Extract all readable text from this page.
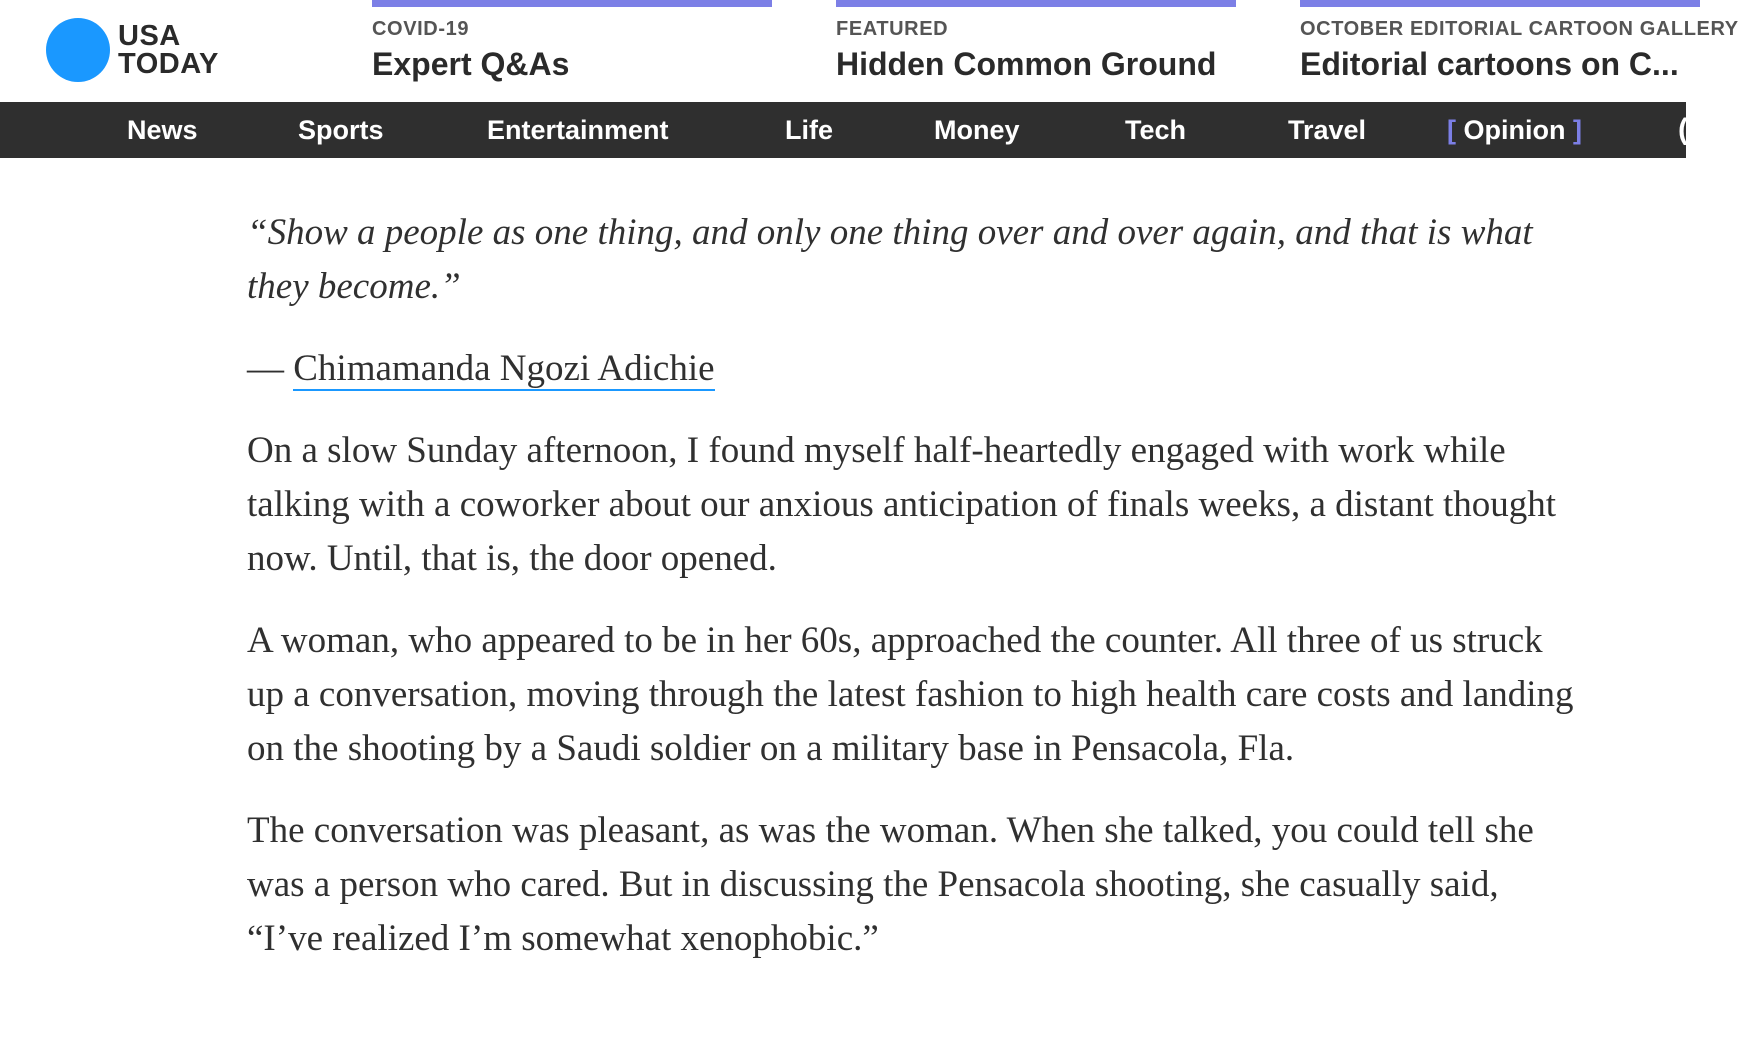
USA
TODAY
COVID-19
Expert Q&As
FEATURED
Hidden Common Ground
OCTOBER EDITORIAL CARTOON GALLERY
Editorial cartoons on C...
News	Sports	Entertainment	Life	Money	Tech	Travel	[ Opinion ]	(

“Show a people as one thing, and only one thing over and over again, and that is what they become.”

— Chimamanda Ngozi Adichie

On a slow Sunday afternoon, I found myself half-heartedly engaged with work while talking with a coworker about our anxious anticipation of finals weeks, a distant thought now. Until, that is, the door opened.

A woman, who appeared to be in her 60s, approached the counter. All three of us struck up a conversation, moving through the latest fashion to high health care costs and landing on the shooting by a Saudi soldier on a military base in Pensacola, Fla.

The conversation was pleasant, as was the woman. When she talked, you could tell she was a person who cared. But in discussing the Pensacola shooting, she casually said, “I’ve realized I’m somewhat xenophobic.”
